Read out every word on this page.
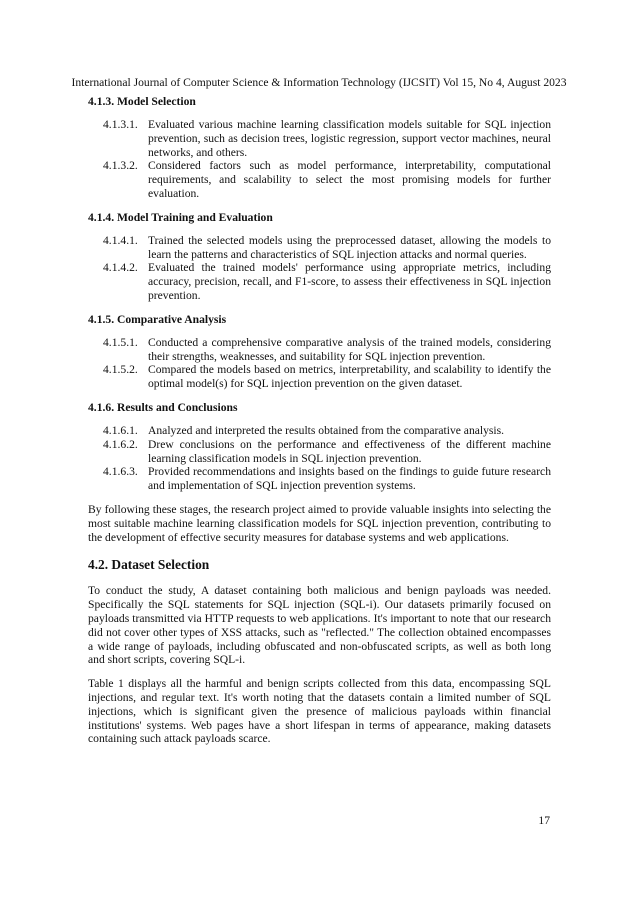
International Journal of Computer Science & Information Technology (IJCSIT) Vol 15, No 4, August 2023
4.1.3. Model Selection
4.1.3.1. Evaluated various machine learning classification models suitable for SQL injection prevention, such as decision trees, logistic regression, support vector machines, neural networks, and others.
4.1.3.2. Considered factors such as model performance, interpretability, computational requirements, and scalability to select the most promising models for further evaluation.
4.1.4. Model Training and Evaluation
4.1.4.1. Trained the selected models using the preprocessed dataset, allowing the models to learn the patterns and characteristics of SQL injection attacks and normal queries.
4.1.4.2. Evaluated the trained models' performance using appropriate metrics, including accuracy, precision, recall, and F1-score, to assess their effectiveness in SQL injection prevention.
4.1.5. Comparative Analysis
4.1.5.1. Conducted a comprehensive comparative analysis of the trained models, considering their strengths, weaknesses, and suitability for SQL injection prevention.
4.1.5.2. Compared the models based on metrics, interpretability, and scalability to identify the optimal model(s) for SQL injection prevention on the given dataset.
4.1.6. Results and Conclusions
4.1.6.1. Analyzed and interpreted the results obtained from the comparative analysis.
4.1.6.2. Drew conclusions on the performance and effectiveness of the different machine learning classification models in SQL injection prevention.
4.1.6.3. Provided recommendations and insights based on the findings to guide future research and implementation of SQL injection prevention systems.

By following these stages, the research project aimed to provide valuable insights into selecting the most suitable machine learning classification models for SQL injection prevention, contributing to the development of effective security measures for database systems and web applications.

4.2. Dataset Selection

To conduct the study, A dataset containing both malicious and benign payloads was needed. Specifically the SQL statements for SQL injection (SQL-i). Our datasets primarily focused on payloads transmitted via HTTP requests to web applications. It's important to note that our research did not cover other types of XSS attacks, such as "reflected." The collection obtained encompasses a wide range of payloads, including obfuscated and non-obfuscated scripts, as well as both long and short scripts, covering SQL-i.

Table 1 displays all the harmful and benign scripts collected from this data, encompassing SQL injections, and regular text. It's worth noting that the datasets contain a limited number of SQL injections, which is significant given the presence of malicious payloads within financial institutions' systems. Web pages have a short lifespan in terms of appearance, making datasets containing such attack payloads scarce.

17
